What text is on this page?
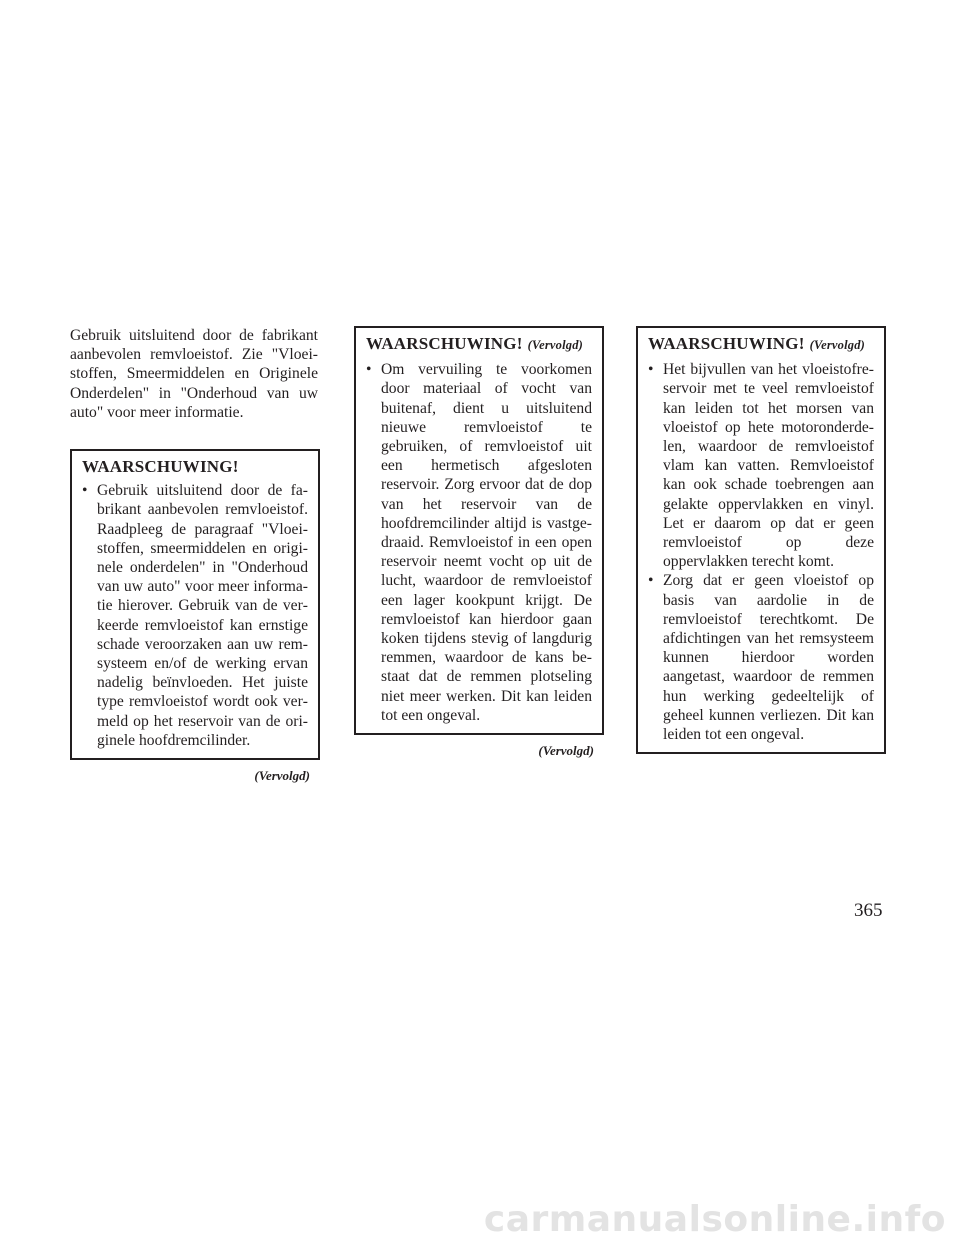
Gebruik uitsluitend door de fabrikant aanbevolen remvloeistof. Zie "Vloeistoffen, Smeermiddelen en Originele Onderdelen" in "Onderhoud van uw auto" voor meer informatie.

WAARSCHUWING!
• Gebruik uitsluitend door de fabrikant aanbevolen remvloeistof. Raadpleeg de paragraaf "Vloeistoffen, smeermiddelen en originele onderdelen" in "Onderhoud van uw auto" voor meer informatie hierover. Gebruik van de verkeerde remvloeistof kan ernstige schade veroorzaken aan uw remsysteem en/of de werking ervan nadelig beïnvloeden. Het juiste type remvloeistof wordt ook vermeld op het reservoir van de originele hoofdremcilinder.
(Vervolgd)
WAARSCHUWING! (Vervolgd)
• Om vervuiling te voorkomen door materiaal of vocht van buitenaf, dient u uitsluitend nieuwe remvloeistof te gebruiken, of remvloeistof uit een hermetisch afgesloten reservoir. Zorg ervoor dat de dop van het reservoir van de hoofdremcilinder altijd is vastgedraaid. Remvloeistof in een open reservoir neemt vocht op uit de lucht, waardoor de remvloeistof een lager kookpunt krijgt. De remvloeistof kan hierdoor gaan koken tijdens stevig of langdurig remmen, waardoor de kans bestaat dat de remmen plotseling niet meer werken. Dit kan leiden tot een ongeval.
(Vervolgd)
WAARSCHUWING! (Vervolgd)
• Het bijvullen van het vloeistofreservoir met te veel remvloeistof kan leiden tot het morsen van vloeistof op hete motoronderdelen, waardoor de remvloeistof vlam kan vatten. Remvloeistof kan ook schade toebrengen aan gelakte oppervlakken en vinyl. Let er daarom op dat er geen remvloeistof op deze oppervlakken terecht komt.
• Zorg dat er geen vloeistof op basis van aardolie in de remvloeistof terechtkomt. De afdichtingen van het remsysteem kunnen hierdoor worden aangetast, waardoor de remmen hun werking gedeeltelijk of geheel kunnen verliezen. Dit kan leiden tot een ongeval.
365
carmanualsonline.info
